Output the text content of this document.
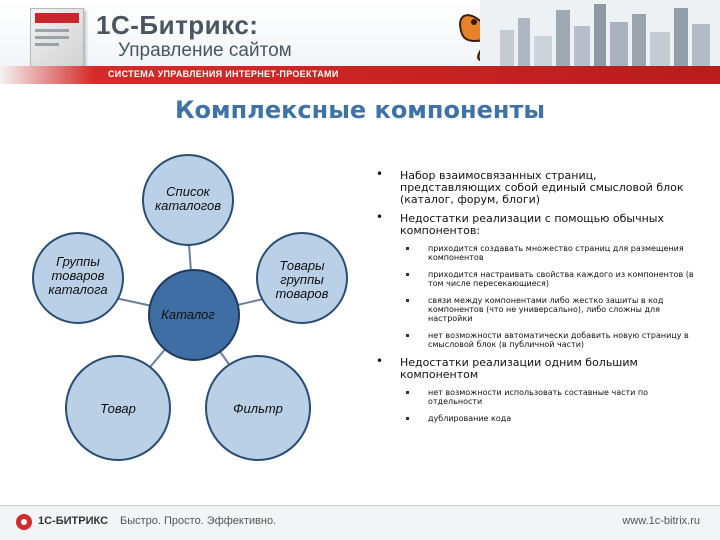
1С-Битрикс:
Управление сайтом
СИСТЕМА УПРАВЛЕНИЯ ИНТЕРНЕТ-ПРОЕКТАМИ
Комплексные компоненты
Список
каталогов
Группы
товаров
каталога
Товары
группы
товаров
Товар	Фильтр
Каталог
• Набор взаимосвязанных страниц, представляющих собой единый смысловой блок (каталог, форум, блоги)
• Недостатки реализации с помощью обычных компонентов:
приходится создавать множество страниц для размещения компонентов
приходится настраивать свойства каждого из компонентов (в том числе пересекающиеся)
связи между компонентами либо жестко зашиты в код компонентов (что не универсально), либо сложны для настройки
нет возможности автоматически добавить новую страницу в смысловой блок (в публичной части)
• Недостатки реализации одним большим компонентом
нет возможности использовать составные части по отдельности
дублирование кода
1С-БИТРИКС Быстро. Просто. Эффективно.	www.1c-bitrix.ru
